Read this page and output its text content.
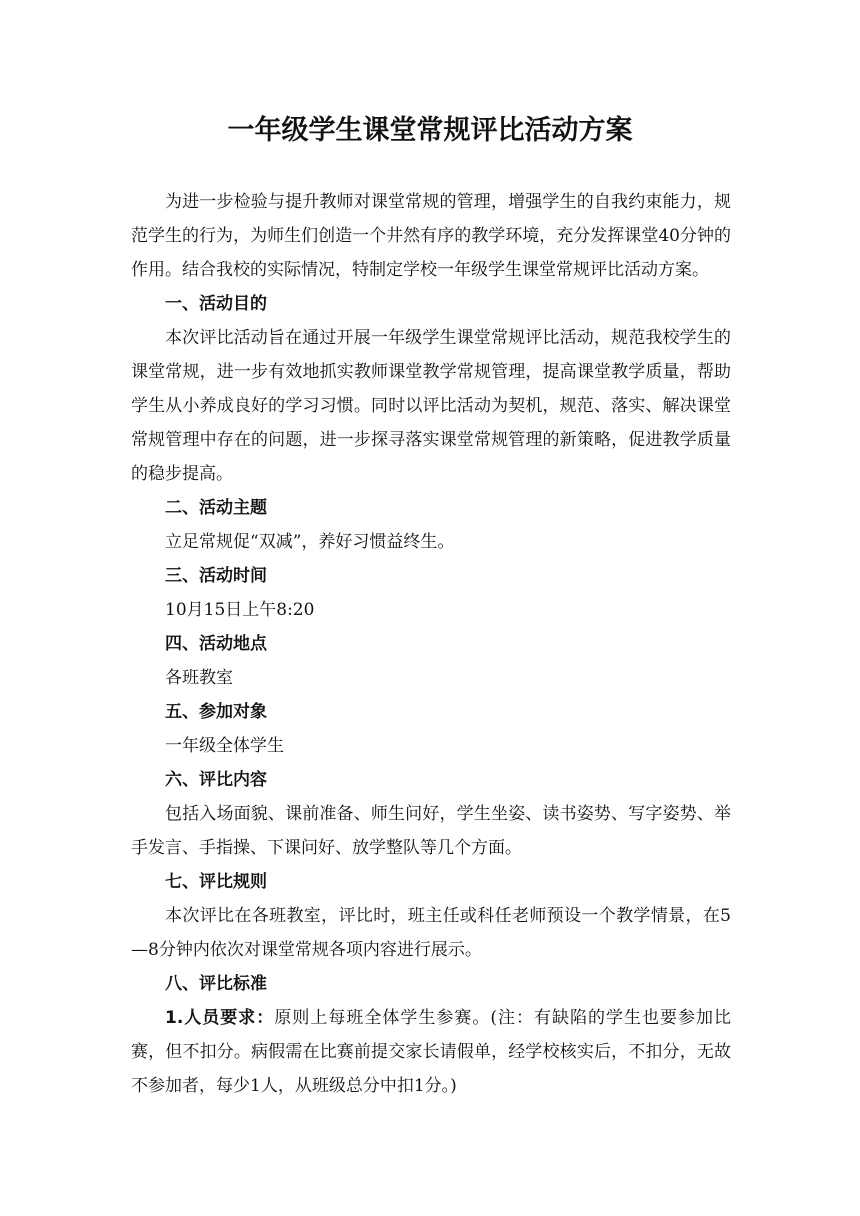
一年级学生课堂常规评比活动方案

为进一步检验与提升教师对课堂常规的管理，增强学生的自我约束能力，规范学生的行为，为师生们创造一个井然有序的教学环境，充分发挥课堂40分钟的作用。结合我校的实际情况，特制定学校一年级学生课堂常规评比活动方案。

一、活动目的

本次评比活动旨在通过开展一年级学生课堂常规评比活动，规范我校学生的课堂常规，进一步有效地抓实教师课堂教学常规管理，提高课堂教学质量，帮助学生从小养成良好的学习习惯。同时以评比活动为契机，规范、落实、解决课堂常规管理中存在的问题，进一步探寻落实课堂常规管理的新策略，促进教学质量的稳步提高。

二、活动主题

立足常规促“双减”，养好习惯益终生。

三、活动时间

10月15日上午8:20

四、活动地点

各班教室

五、参加对象

一年级全体学生

六、评比内容

包括入场面貌、课前准备、师生问好，学生坐姿、读书姿势、写字姿势、举手发言、手指操、下课问好、放学整队等几个方面。

七、评比规则

本次评比在各班教室，评比时，班主任或科任老师预设一个教学情景，在5—8分钟内依次对课堂常规各项内容进行展示。

八、评比标准

1.人员要求：原则上每班全体学生参赛。(注：有缺陷的学生也要参加比赛，但不扣分。病假需在比赛前提交家长请假单，经学校核实后，不扣分，无故不参加者，每少1人，从班级总分中扣1分。)
